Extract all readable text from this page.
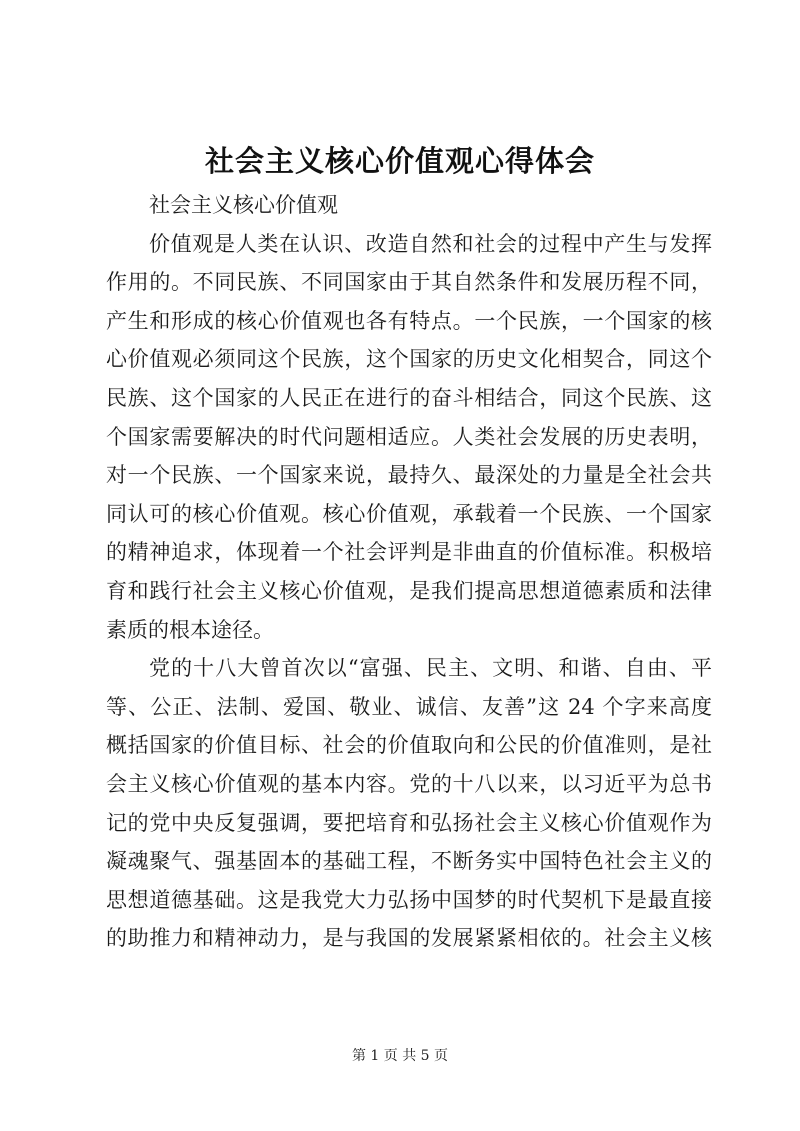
社会主义核心价值观心得体会
社会主义核心价值观
价值观是人类在认识、改造自然和社会的过程中产生与发挥
作用的。不同民族、不同国家由于其自然条件和发展历程不同，
产生和形成的核心价值观也各有特点。一个民族，一个国家的核
心价值观必须同这个民族，这个国家的历史文化相契合，同这个
民族、这个国家的人民正在进行的奋斗相结合，同这个民族、这
个国家需要解决的时代问题相适应。人类社会发展的历史表明，
对一个民族、一个国家来说，最持久、最深处的力量是全社会共
同认可的核心价值观。核心价值观，承载着一个民族、一个国家
的精神追求，体现着一个社会评判是非曲直的价值标准。积极培
育和践行社会主义核心价值观，是我们提高思想道德素质和法律
素质的根本途径。
党的十八大曾首次以“富强、民主、文明、和谐、自由、平
等、公正、法制、爱国、敬业、诚信、友善”这 24 个字来高度
概括国家的价值目标、社会的价值取向和公民的价值准则，是社
会主义核心价值观的基本内容。党的十八以来，以习近平为总书
记的党中央反复强调，要把培育和弘扬社会主义核心价值观作为
凝魂聚气、强基固本的基础工程，不断务实中国特色社会主义的
思想道德基础。这是我党大力弘扬中国梦的时代契机下是最直接
的助推力和精神动力，是与我国的发展紧紧相依的。社会主义核
第 1 页 共 5 页
